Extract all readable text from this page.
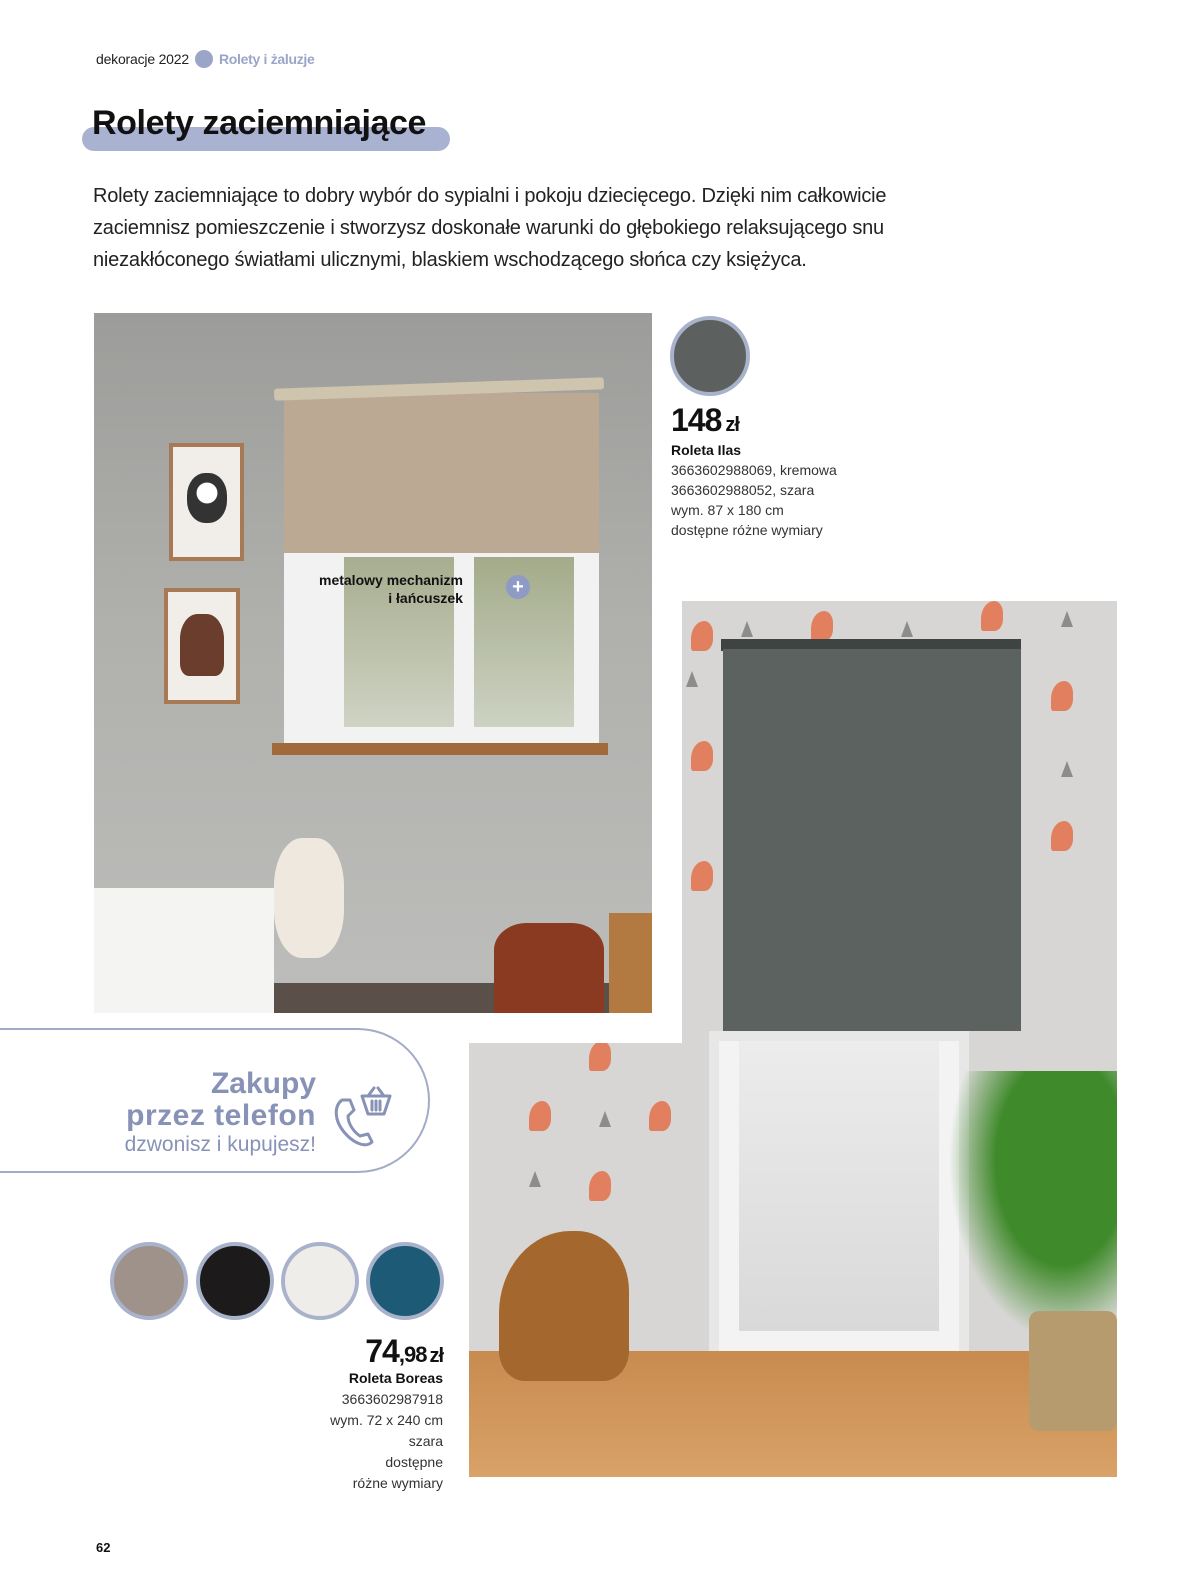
dekoracje 2022 Rolety i żaluzje
Rolety zaciemniające
Rolety zaciemniające to dobry wybór do sypialni i pokoju dziecięcego. Dzięki nim całkowicie
zaciemnisz pomieszczenie i stworzysz doskonałe warunki do głębokiego relaksującego snu
niezakłóconego światłami ulicznymi, blaskiem wschodzącego słońca czy księżyca.
metalowy mechanizm
i łańcuszek	+
148 zł
Roleta Ilas
3663602988069, kremowa
3663602988052, szara
wym. 87 x 180 cm
dostępne różne wymiary
Zakupy
przez telefon
dzwonisz i kupujesz!
74,98 zł
Roleta Boreas
3663602987918
wym. 72 x 240 cm
szara
dostępne
różne wymiary
62
